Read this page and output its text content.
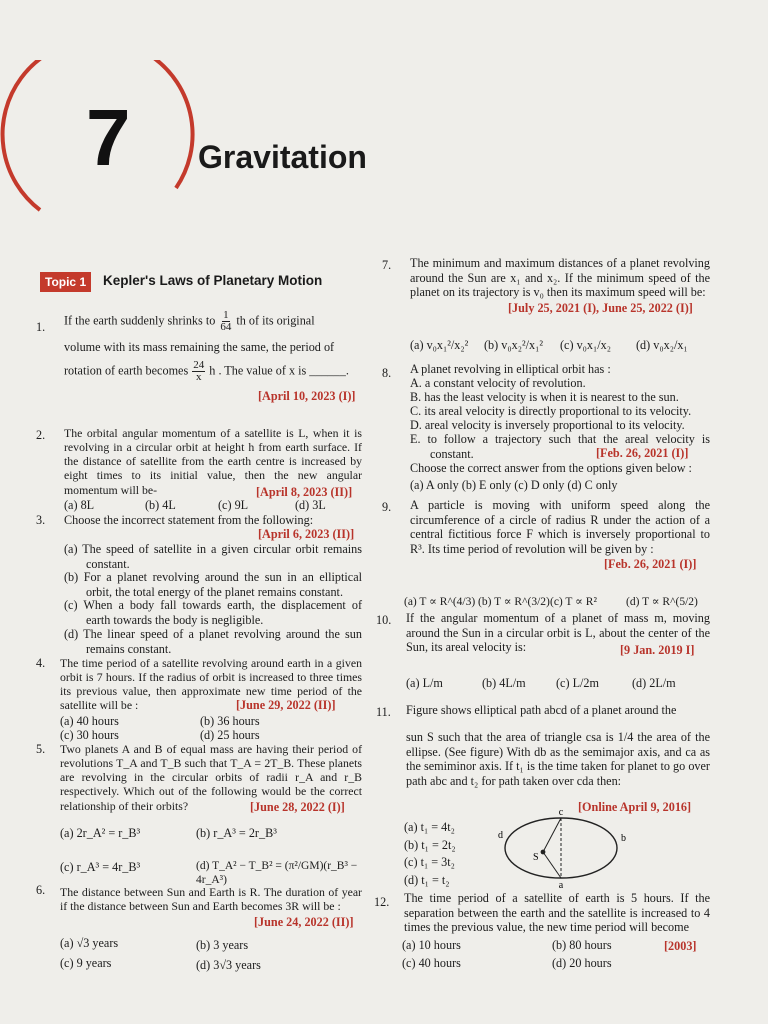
7 Gravitation
Topic 1	Kepler's Laws of Planetary Motion
1. If the earth suddenly shrinks to $\frac{1}{64}$ th of its original
volume with its mass remaining the same, the period of
rotation of earth becomes $\frac{24}{x}$ h . The value of x is ______.
[April 10, 2023 (I)]
2. The orbital angular momentum of a satellite is L, when it is revolving in a circular orbit at height h from earth surface. If the distance of satellite from the earth centre is increased by eight times to its initial value, then the new angular momentum will be-	[April 8, 2023 (II)]
(a) 8L	(b) 4L	(c) 9L	(d) 3L
3. Choose the incorrect statement from the following:
[April 6, 2023 (II)]
(a) The speed of satellite in a given circular orbit remains constant.
(b) For a planet revolving around the sun in an elliptical orbit, the total energy of the planet remains constant.
(c) When a body fall towards earth, the displacement of earth towards the body is negligible.
(d) The linear speed of a planet revolving around the sun remains constant.
4. The time period of a satellite revolving around earth in a given orbit is 7 hours. If the radius of orbit is increased to three times its previous value, then approximate new time period of the satellite will be :	[June 29, 2022 (II)]
(a) 40 hours	(b) 36 hours
(c) 30 hours	(d) 25 hours
5. Two planets A and B of equal mass are having their period of revolutions T_A and T_B such that T_A = 2T_B. These planets are revolving in the circular orbits of radii r_A and r_B respectively. Which out of the following would be the correct relationship of their orbits?	[June 28, 2022 (I)]
(a) 2r_A² = r_B³	(b) r_A³ = 2r_B³
(c) r_A³ = 4r_B³	(d) T_A² − T_B² = (π²/GM)(r_B³ − 4r_A³)
6. The distance between Sun and Earth is R. The duration of year if the distance between Sun and Earth becomes 3R will be :
[June 24, 2022 (II)]
(a) √3 years	(b) 3 years
(c) 9 years	(d) 3√3 years
7. The minimum and maximum distances of a planet revolving around the Sun are x₁ and x₂. If the minimum speed of the planet on its trajectory is v₀ then its maximum speed will be:
[July 25, 2021 (I), June 25, 2022 (I)]
(a) v₀x₁²/x₂² (b) v₀x₂²/x₁² (c) v₀x₁/x₂ (d) v₀x₂/x₁
8. A planet revolving in elliptical orbit has :
A. a constant velocity of revolution.
B. has the least velocity is when it is nearest to the sun.
C. its areal velocity is directly proportional to its velocity.
D. areal velocity is inversely proportional to its velocity.
E. to follow a trajectory such that the areal velocity is constant.	[Feb. 26, 2021 (I)]
Choose the correct answer from the options given below :
(a) A only (b) E only (c) D only (d) C only
9. A particle is moving with uniform speed along the circumference of a circle of radius R under the action of a central fictitious force F which is inversely proportional to R³. Its time period of revolution will be given by :
[Feb. 26, 2021 (I)]
(a) T ∝ R^(4/3) (b) T ∝ R^(3/2) (c) T ∝ R²	(d) T ∝ R^(5/2)
10. If the angular momentum of a planet of mass m, moving around the Sun in a circular orbit is L, about the center of the Sun, its areal velocity is:	[9 Jan. 2019 I]
(a) L/m	(b) 4L/m (c) L/2m	(d) 2L/m
11. Figure shows elliptical path abcd of a planet around the
sun S such that the area of triangle csa is 1/4 the area of the ellipse. (See figure) With db as the semimajor axis, and ca as the semiminor axis. If t₁ is the time taken for planet to go over path abc and t₂ for path taken over cda then:
[Online April 9, 2016]
(a) t₁ = 4t₂
(b) t₁ = 2t₂
(c) t₁ = 3t₂
(d) t₁ = t₂
c
a
d	b
S
12. The time period of a satellite of earth is 5 hours. If the separation between the earth and the satellite is increased to 4 times the previous value, the new time period will become
(a) 10 hours	(b) 80 hours	[2003]
(c) 40 hours	(d) 20 hours
